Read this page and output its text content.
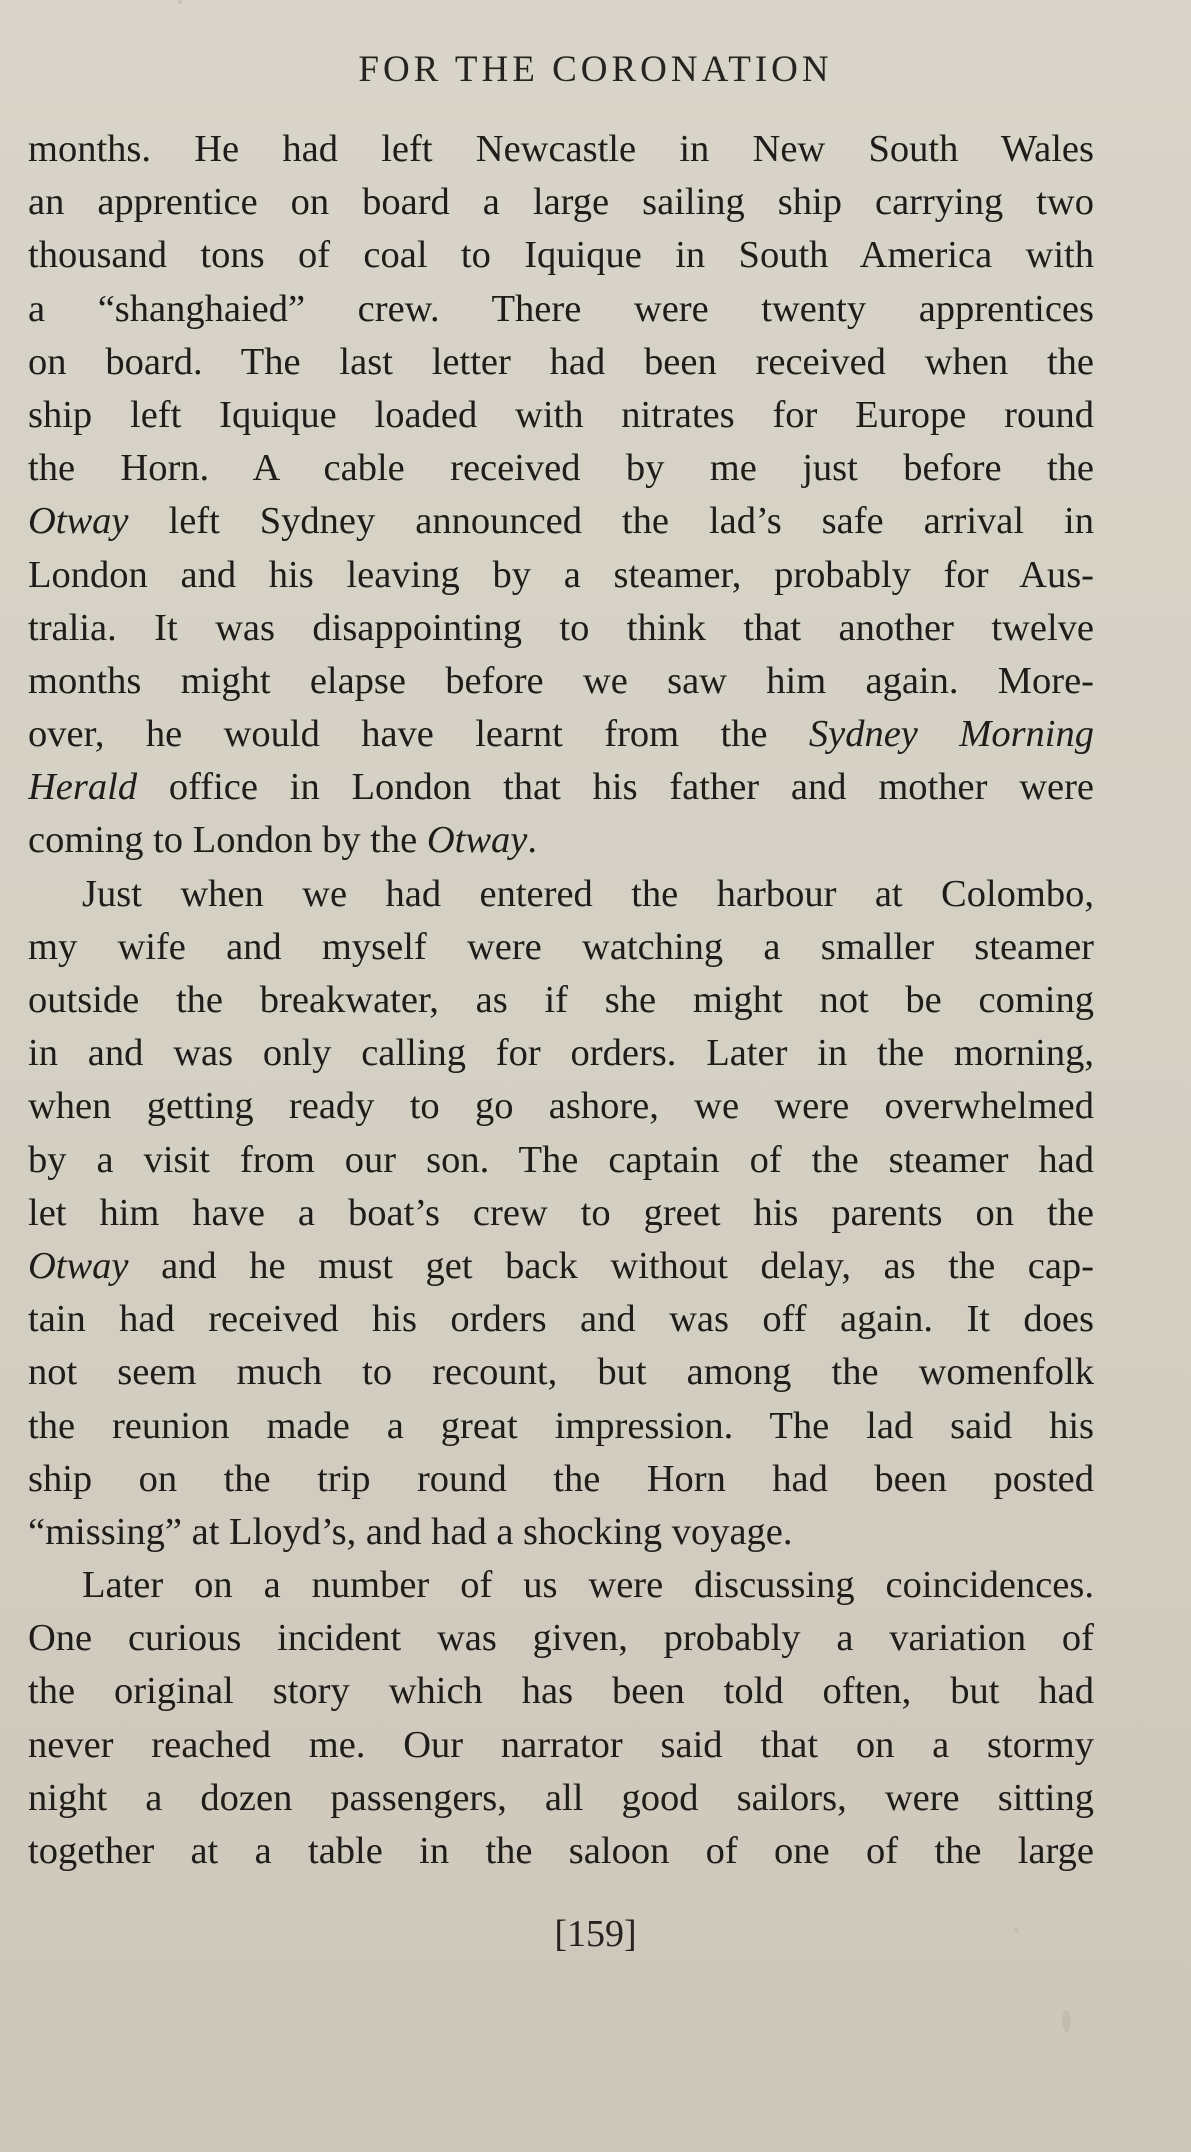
FOR THE CORONATION
months. He had left Newcastle in New South Wales
an apprentice on board a large sailing ship carrying two
thousand tons of coal to Iquique in South America with
a “shanghaied” crew. There were twenty apprentices
on board. The last letter had been received when the
ship left Iquique loaded with nitrates for Europe round
the Horn. A cable received by me just before the
Otway left Sydney announced the lad’s safe arrival in
London and his leaving by a steamer, probably for Aus-
tralia. It was disappointing to think that another twelve
months might elapse before we saw him again. More-
over, he would have learnt from the Sydney Morning
Herald office in London that his father and mother were
coming to London by the Otway.
Just when we had entered the harbour at Colombo,
my wife and myself were watching a smaller steamer
outside the breakwater, as if she might not be coming
in and was only calling for orders. Later in the morning,
when getting ready to go ashore, we were overwhelmed
by a visit from our son. The captain of the steamer had
let him have a boat’s crew to greet his parents on the
Otway and he must get back without delay, as the cap-
tain had received his orders and was off again. It does
not seem much to recount, but among the womenfolk
the reunion made a great impression. The lad said his
ship on the trip round the Horn had been posted
“missing” at Lloyd’s, and had a shocking voyage.
Later on a number of us were discussing coincidences.
One curious incident was given, probably a variation of
the original story which has been told often, but had
never reached me. Our narrator said that on a stormy
night a dozen passengers, all good sailors, were sitting
together at a table in the saloon of one of the large
[159]
